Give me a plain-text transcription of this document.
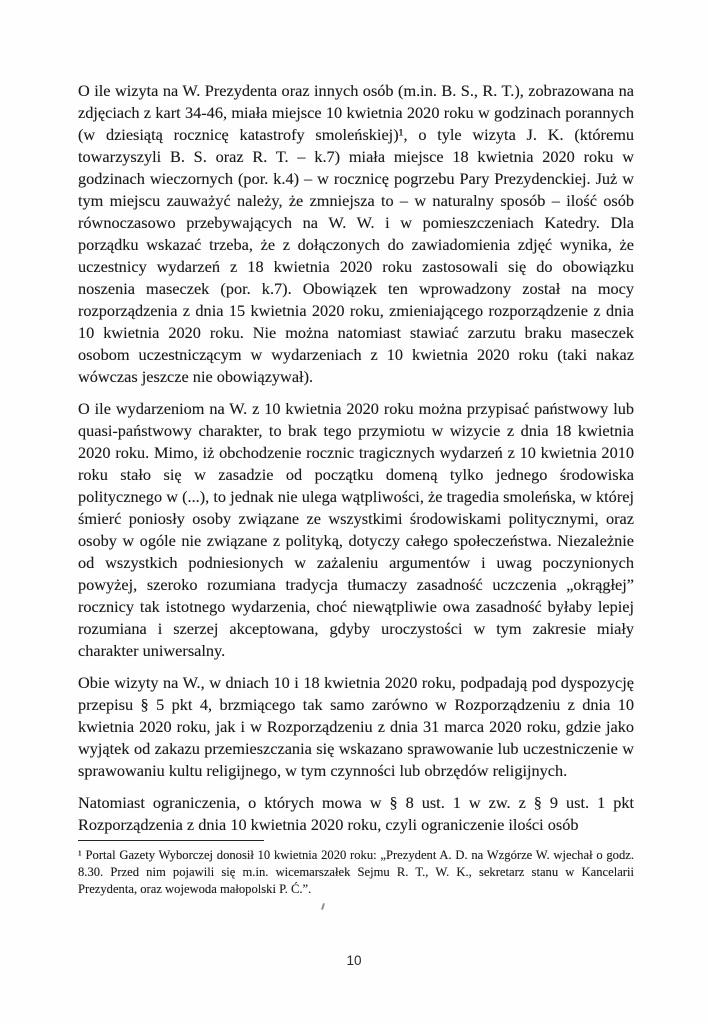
O ile wizyta na W. Prezydenta oraz innych osób (m.in. B. S., R. T.), zobrazowana na zdjęciach z kart 34-46, miała miejsce 10 kwietnia 2020 roku w godzinach porannych (w dziesiątą rocznicę katastrofy smoleńskiej)¹, o tyle wizyta J. K. (któremu towarzyszyli B. S. oraz R. T. – k.7) miała miejsce 18 kwietnia 2020 roku w godzinach wieczornych (por. k.4) – w rocznicę pogrzebu Pary Prezydenckiej. Już w tym miejscu zauważyć należy, że zmniejsza to – w naturalny sposób – ilość osób równoczasowo przebywających na W. W. i w pomieszczeniach Katedry. Dla porządku wskazać trzeba, że z dołączonych do zawiadomienia zdjęć wynika, że uczestnicy wydarzeń z 18 kwietnia 2020 roku zastosowali się do obowiązku noszenia maseczek (por. k.7). Obowiązek ten wprowadzony został na mocy rozporządzenia z dnia 15 kwietnia 2020 roku, zmieniającego rozporządzenie z dnia 10 kwietnia 2020 roku. Nie można natomiast stawiać zarzutu braku maseczek osobom uczestniczącym w wydarzeniach z 10 kwietnia 2020 roku (taki nakaz wówczas jeszcze nie obowiązywał).

O ile wydarzeniom na W. z 10 kwietnia 2020 roku można przypisać państwowy lub quasi-państwowy charakter, to brak tego przymiotu w wizycie z dnia 18 kwietnia 2020 roku. Mimo, iż obchodzenie rocznic tragicznych wydarzeń z 10 kwietnia 2010 roku stało się w zasadzie od początku domeną tylko jednego środowiska politycznego w (...), to jednak nie ulega wątpliwości, że tragedia smoleńska, w której śmierć poniosły osoby związane ze wszystkimi środowiskami politycznymi, oraz osoby w ogóle nie związane z polityką, dotyczy całego społeczeństwa. Niezależnie od wszystkich podniesionych w zażaleniu argumentów i uwag poczynionych powyżej, szeroko rozumiana tradycja tłumaczy zasadność uczczenia „okrągłej” rocznicy tak istotnego wydarzenia, choć niewątpliwie owa zasadność byłaby lepiej rozumiana i szerzej akceptowana, gdyby uroczystości w tym zakresie miały charakter uniwersalny.

Obie wizyty na W., w dniach 10 i 18 kwietnia 2020 roku, podpadają pod dyspozycję przepisu § 5 pkt 4, brzmiącego tak samo zarówno w Rozporządzeniu z dnia 10 kwietnia 2020 roku, jak i w Rozporządzeniu z dnia 31 marca 2020 roku, gdzie jako wyjątek od zakazu przemieszczania się wskazano sprawowanie lub uczestniczenie w sprawowaniu kultu religijnego, w tym czynności lub obrzędów religijnych.

Natomiast ograniczenia, o których mowa w § 8 ust. 1 w zw. z § 9 ust. 1 pkt Rozporządzenia z dnia 10 kwietnia 2020 roku, czyli ograniczenie ilości osób

¹ Portal Gazety Wyborczej donosił 10 kwietnia 2020 roku: „Prezydent A. D. na Wzgórze W. wjechał o godz. 8.30. Przed nim pojawili się m.in. wicemarszałek Sejmu R. T., W. K., sekretarz stanu w Kancelarii Prezydenta, oraz wojewoda małopolski P. Ć.”.

10
